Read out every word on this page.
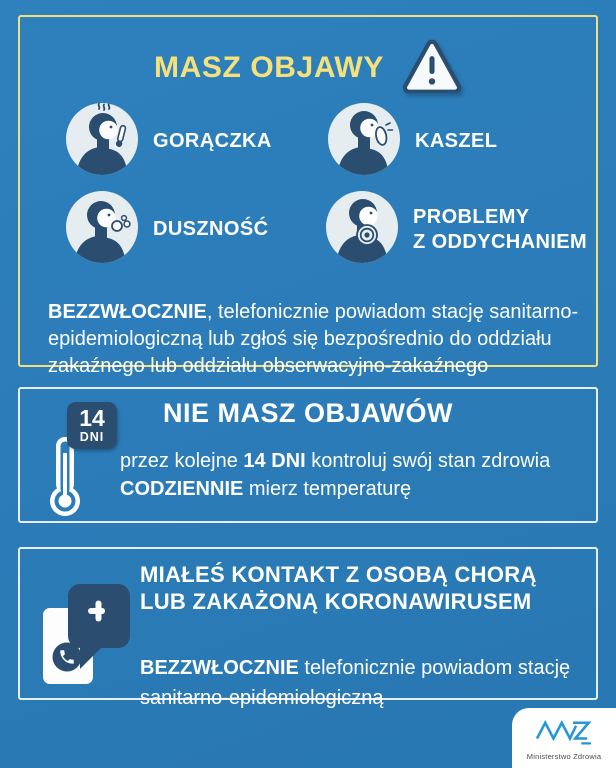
MASZ OBJAWY
GORĄCZKA	KASZEL
DUSZNOŚĆ
PROBLEMY
Z ODDYCHANIEM

BEZZWŁOCZNIE, telefonicznie powiadom stację sanitarno-epidemiologiczną lub zgłoś się bezpośrednio do oddziału zakaźnego lub oddziału obserwacyjno-zakaźnego

NIE MASZ OBJAWÓW
14
DNI
przez kolejne 14 DNI kontroluj swój stan zdrowia
CODZIENNIE mierz temperaturę
MIAŁEŚ KONTAKT Z OSOBĄ CHORĄ
LUB ZAKAŻONĄ KORONAWIRUSEM

BEZZWŁOCZNIE telefonicznie powiadom stację sanitarno-epidemiologiczną

Ministerstwo Zdrowia
